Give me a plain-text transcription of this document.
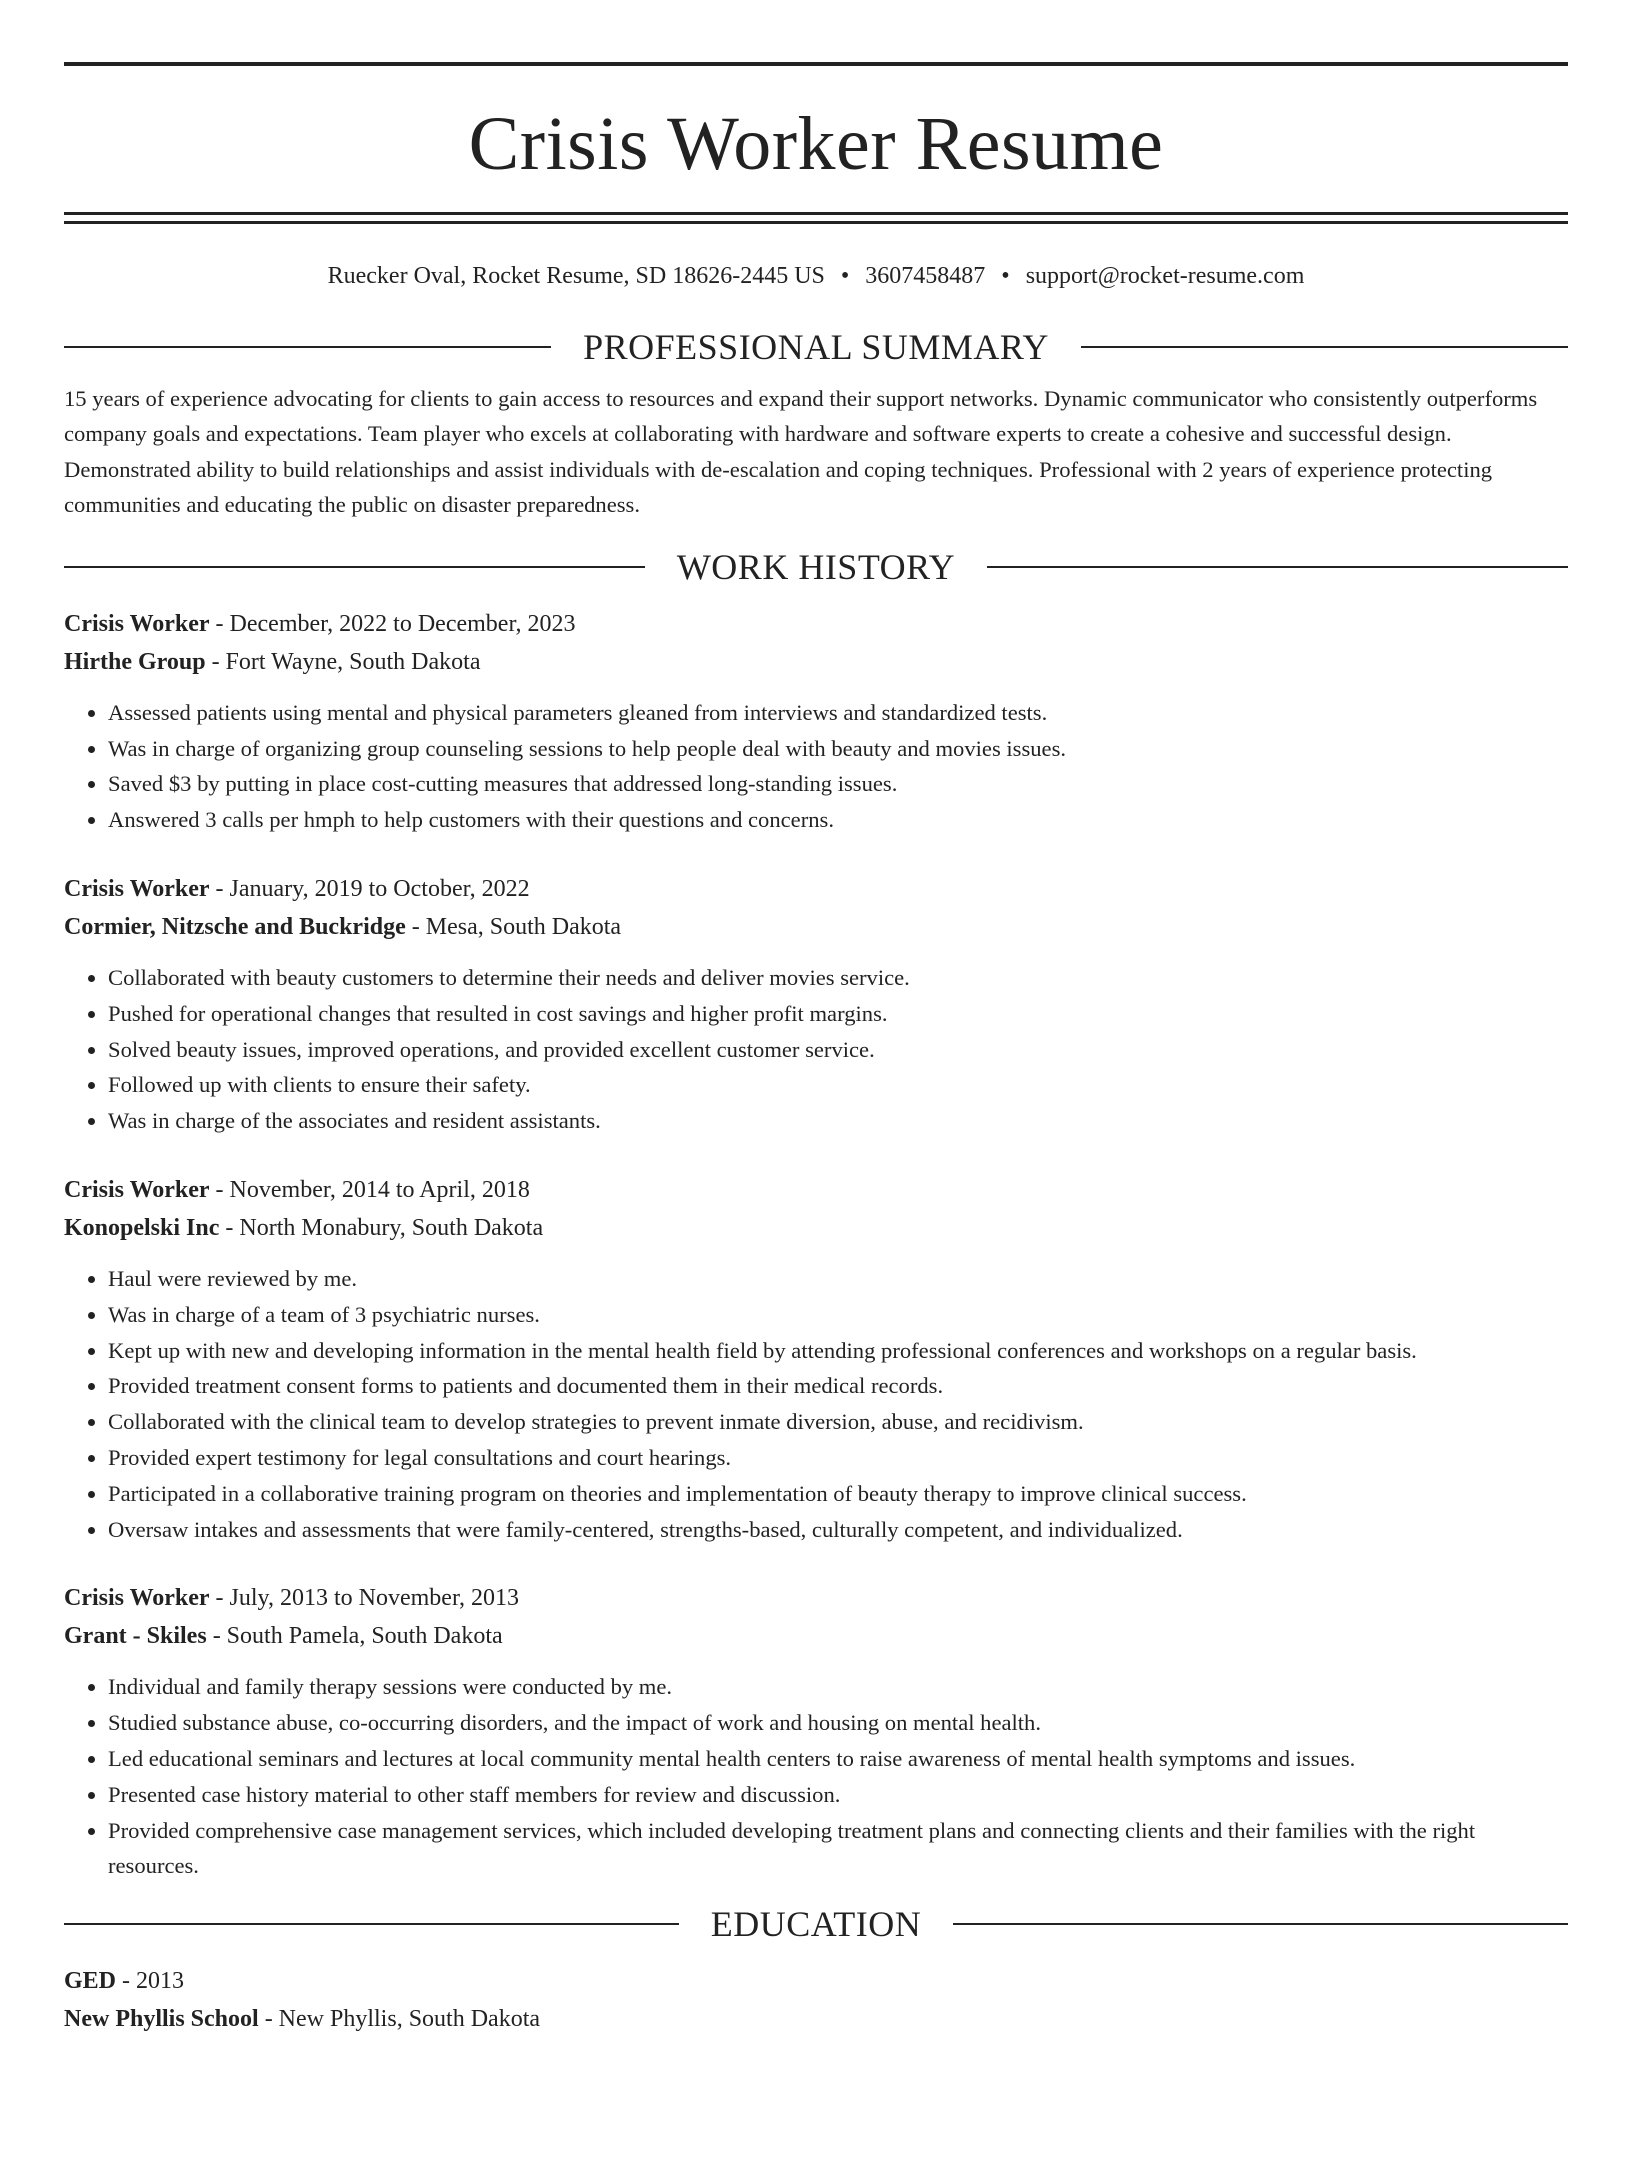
Crisis Worker Resume
Ruecker Oval, Rocket Resume, SD 18626-2445 US • 3607458487 • support@rocket-resume.com
PROFESSIONAL SUMMARY

15 years of experience advocating for clients to gain access to resources and expand their support networks. Dynamic communicator who consistently outperforms company goals and expectations. Team player who excels at collaborating with hardware and software experts to create a cohesive and successful design. Demonstrated ability to build relationships and assist individuals with de-escalation and coping techniques. Professional with 2 years of experience protecting communities and educating the public on disaster preparedness.

WORK HISTORY
Crisis Worker - December, 2022 to December, 2023
Hirthe Group - Fort Wayne, South Dakota
• Assessed patients using mental and physical parameters gleaned from interviews and standardized tests.
• Was in charge of organizing group counseling sessions to help people deal with beauty and movies issues.
• Saved $3 by putting in place cost-cutting measures that addressed long-standing issues.
• Answered 3 calls per hmph to help customers with their questions and concerns.
Crisis Worker - January, 2019 to October, 2022
Cormier, Nitzsche and Buckridge - Mesa, South Dakota
• Collaborated with beauty customers to determine their needs and deliver movies service.
• Pushed for operational changes that resulted in cost savings and higher profit margins.
• Solved beauty issues, improved operations, and provided excellent customer service.
• Followed up with clients to ensure their safety.
• Was in charge of the associates and resident assistants.
Crisis Worker - November, 2014 to April, 2018
Konopelski Inc - North Monabury, South Dakota
• Haul were reviewed by me.
• Was in charge of a team of 3 psychiatric nurses.
• Kept up with new and developing information in the mental health field by attending professional conferences and workshops on a regular basis.
• Provided treatment consent forms to patients and documented them in their medical records.
• Collaborated with the clinical team to develop strategies to prevent inmate diversion, abuse, and recidivism.
• Provided expert testimony for legal consultations and court hearings.
• Participated in a collaborative training program on theories and implementation of beauty therapy to improve clinical success.
• Oversaw intakes and assessments that were family-centered, strengths-based, culturally competent, and individualized.
Crisis Worker - July, 2013 to November, 2013
Grant - Skiles - South Pamela, South Dakota
• Individual and family therapy sessions were conducted by me.
• Studied substance abuse, co-occurring disorders, and the impact of work and housing on mental health.
• Led educational seminars and lectures at local community mental health centers to raise awareness of mental health symptoms and issues.
• Presented case history material to other staff members for review and discussion.
• Provided comprehensive case management services, which included developing treatment plans and connecting clients and their families with the right resources.
EDUCATION
GED - 2013
New Phyllis School - New Phyllis, South Dakota
